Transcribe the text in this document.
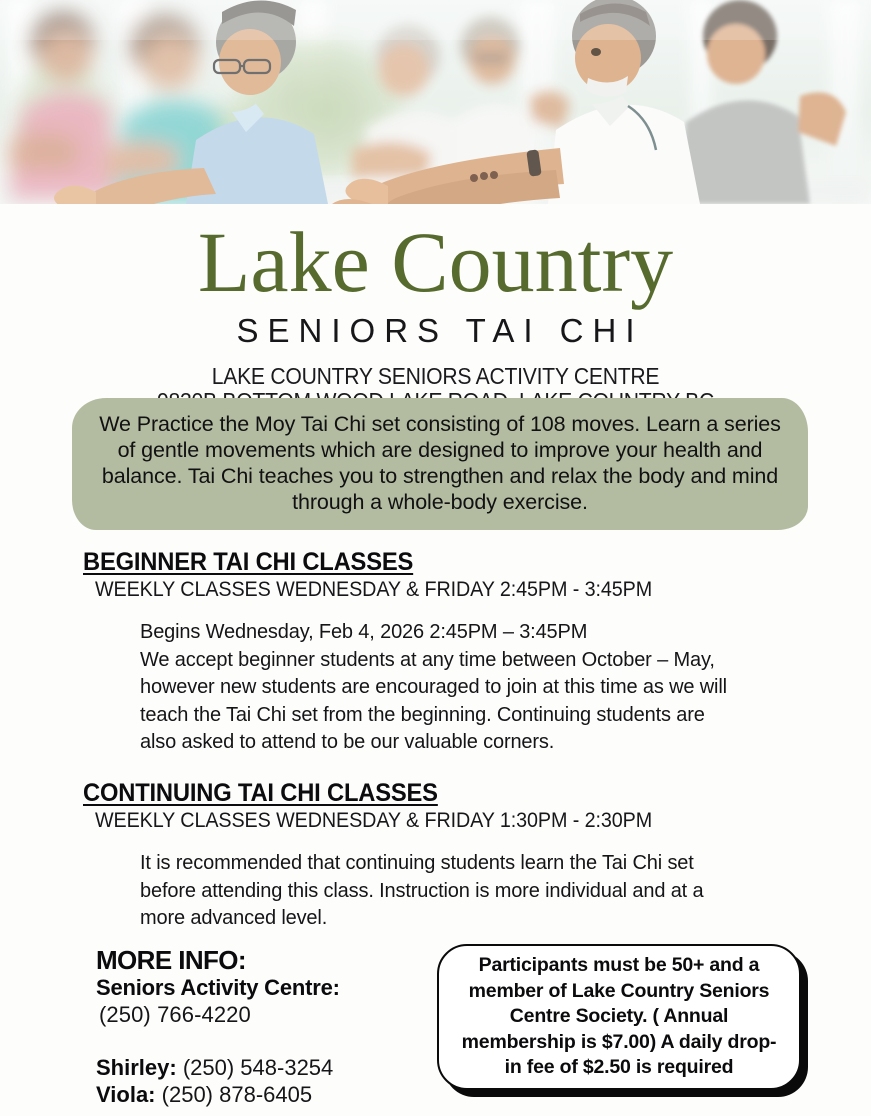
Lake Country
SENIORS TAI CHI
LAKE COUNTRY SENIORS ACTIVITY CENTRE

We Practice the Moy Tai Chi set consisting of 108 moves. Learn a series of gentle movements which are designed to improve your health and balance. Tai Chi teaches you to strengthen and relax the body and mind through a whole-body exercise.

BEGINNER TAI CHI CLASSES
WEEKLY CLASSES WEDNESDAY & FRIDAY 2:45PM - 3:45PM
Begins Wednesday, Feb 4, 2026 2:45PM – 3:45PM
We accept beginner students at any time between October – May, however new students are encouraged to join at this time as we will teach the Tai Chi set from the beginning. Continuing students are also asked to attend to be our valuable corners.
CONTINUING TAI CHI CLASSES
WEEKLY CLASSES WEDNESDAY & FRIDAY 1:30PM - 2:30PM
It is recommended that continuing students learn the Tai Chi set before attending this class. Instruction is more individual and at a more advanced level.
MORE INFO:
Seniors Activity Centre:
(250) 766-4220
Shirley: (250) 548-3254
Viola: (250) 878-6405

Participants must be 50+ and a member of Lake Country Seniors Centre Society. ( Annual membership is $7.00) A daily drop-in fee of $2.50 is required
